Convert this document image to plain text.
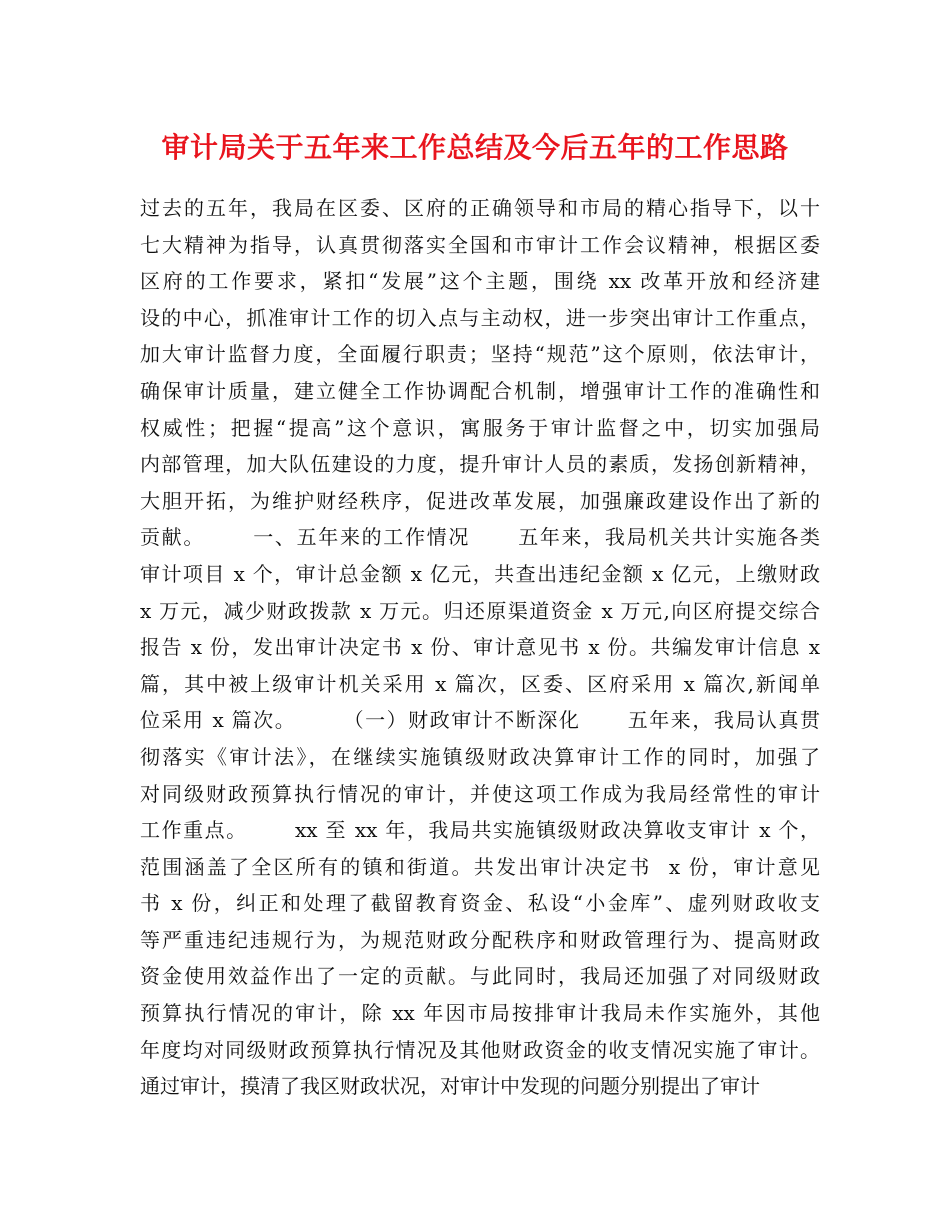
审计局关于五年来工作总结及今后五年的工作思路
过去的五年，我局在区委、区府的正确领导和市局的精心指导下，以十
七大精神为指导，认真贯彻落实全国和市审计工作会议精神，根据区委
区府的工作要求，紧扣“发展”这个主题，围绕 xx 改革开放和经济建
设的中心，抓准审计工作的切入点与主动权，进一步突出审计工作重点，
加大审计监督力度，全面履行职责；坚持“规范”这个原则，依法审计，
确保审计质量，建立健全工作协调配合机制，增强审计工作的准确性和
权威性；把握“提高”这个意识，寓服务于审计监督之中，切实加强局
内部管理，加大队伍建设的力度，提升审计人员的素质，发扬创新精神，
大胆开拓，为维护财经秩序，促进改革发展，加强廉政建设作出了新的
贡献。      一、五年来的工作情况      五年来，我局机关共计实施各类
审计项目 x 个，审计总金额 x 亿元，共查出违纪金额 x 亿元，上缴财政
x 万元，减少财政拨款 x 万元。归还原渠道资金 x 万元,向区府提交综合
报告 x 份，发出审计决定书 x 份、审计意见书 x 份。共编发审计信息 x
篇，其中被上级审计机关采用 x 篇次，区委、区府采用 x 篇次,新闻单
位采用 x 篇次。      （一）财政审计不断深化      五年来，我局认真贯
彻落实《审计法》，在继续实施镇级财政决算审计工作的同时，加强了
对同级财政预算执行情况的审计，并使这项工作成为我局经常性的审计
工作重点。      xx 至 xx 年，我局共实施镇级财政决算收支审计 x 个，
范围涵盖了全区所有的镇和街道。共发出审计决定书  x 份，审计意见
书 x 份，纠正和处理了截留教育资金、私设“小金库”、虚列财政收支
等严重违纪违规行为，为规范财政分配秩序和财政管理行为、提高财政
资金使用效益作出了一定的贡献。与此同时，我局还加强了对同级财政
预算执行情况的审计，除 xx 年因市局按排审计我局未作实施外，其他
年度均对同级财政预算执行情况及其他财政资金的收支情况实施了审计。
通过审计，摸清了我区财政状况，对审计中发现的问题分别提出了审计
